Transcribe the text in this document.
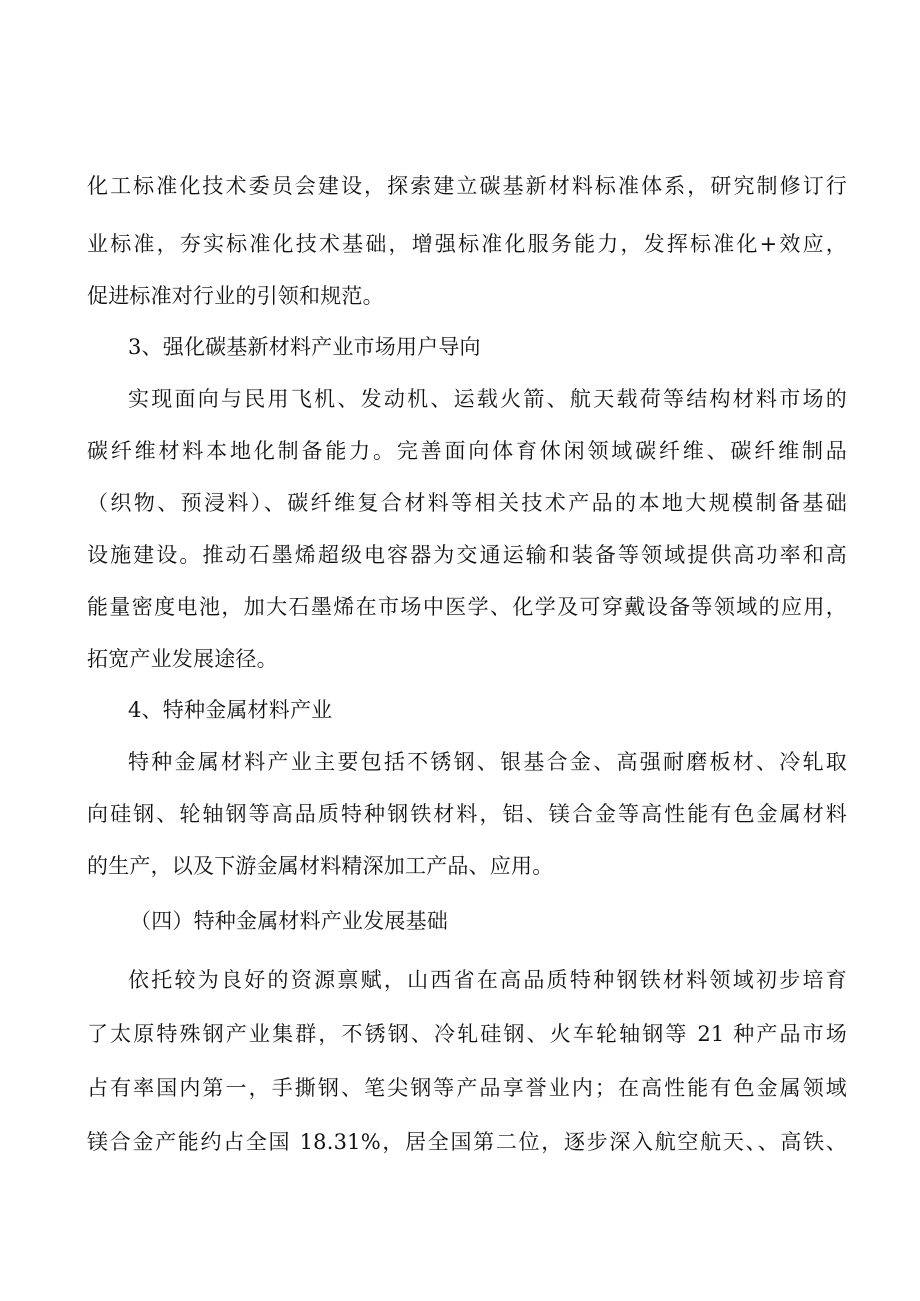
化工标准化技术委员会建设，探索建立碳基新材料标准体系，研究制修订行

业标准，夯实标准化技术基础，增强标准化服务能力，发挥标准化+效应，

促进标准对行业的引领和规范。

3、强化碳基新材料产业市场用户导向

实现面向与民用飞机、发动机、运载火箭、航天载荷等结构材料市场的

碳纤维材料本地化制备能力。完善面向体育休闲领域碳纤维、碳纤维制品

（织物、预浸料）、碳纤维复合材料等相关技术产品的本地大规模制备基础

设施建设。推动石墨烯超级电容器为交通运输和装备等领域提供高功率和高

能量密度电池，加大石墨烯在市场中医学、化学及可穿戴设备等领域的应用，

拓宽产业发展途径。

4、特种金属材料产业

特种金属材料产业主要包括不锈钢、银基合金、高强耐磨板材、冷轧取

向硅钢、轮轴钢等高品质特种钢铁材料，铝、镁合金等高性能有色金属材料

的生产，以及下游金属材料精深加工产品、应用。

（四）特种金属材料产业发展基础

依托较为良好的资源禀赋，山西省在高品质特种钢铁材料领域初步培育

了太原特殊钢产业集群，不锈钢、冷轧硅钢、火车轮轴钢等 21 种产品市场

占有率国内第一，手撕钢、笔尖钢等产品享誉业内；在高性能有色金属领域

镁合金产能约占全国 18.31%，居全国第二位，逐步深入航空航天、、高铁、
